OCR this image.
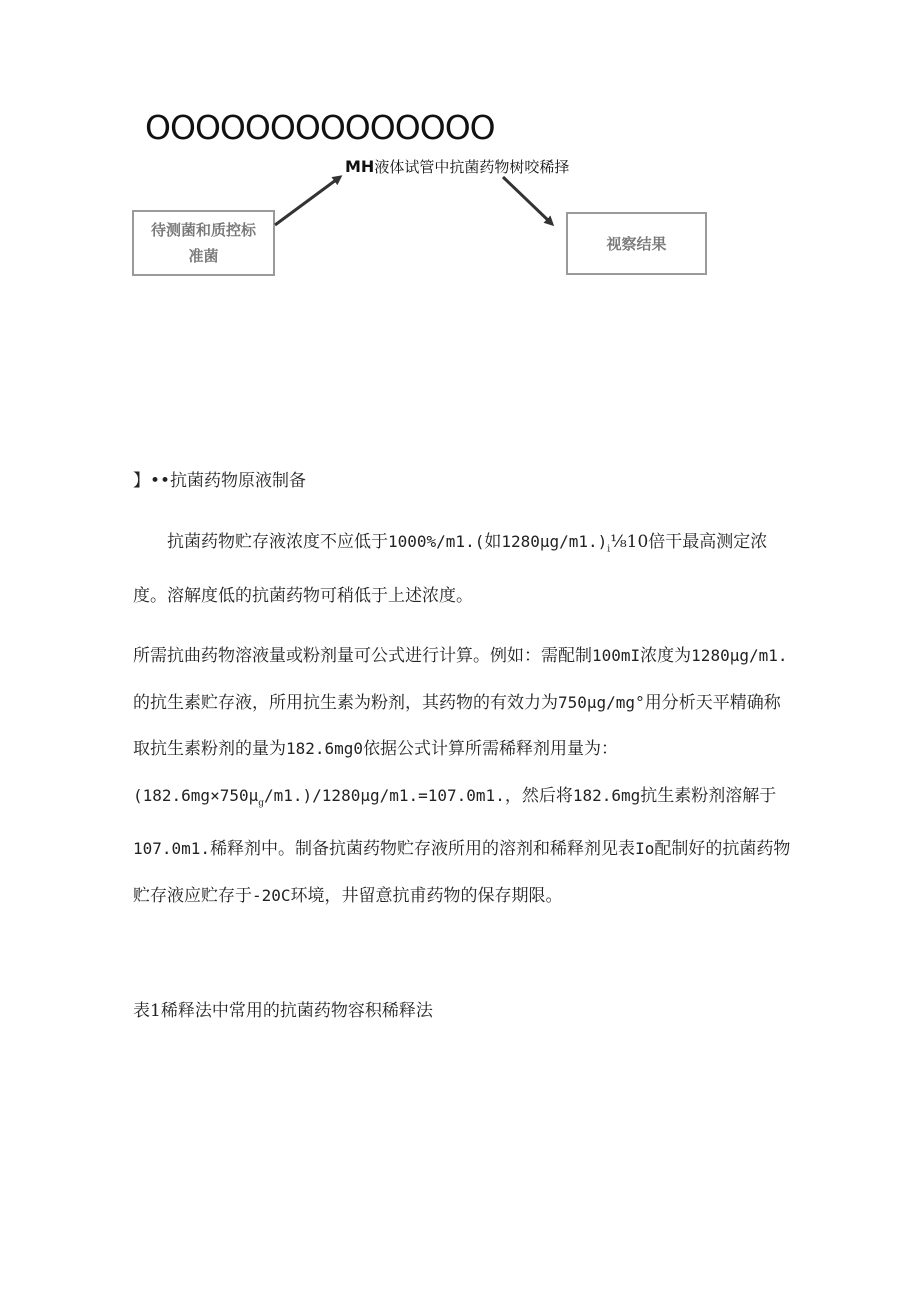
OOOOOOOOOOOOOO
MH液体试管中抗菌药物树咬稀择
待测菌和质控标
准菌
视察结果
】••抗菌药物原液制备

抗菌药物贮存液浓度不应低于1000%∕m1.(如$1280\mu g∕m1.)_i\frac{1}{8}10$倍干最高测定浓度。溶解度低的抗菌药物可稍低于上述浓度。

所需抗曲药物溶液量或粉剂量可公式进行计算。例如：需配制100mI浓度为1280μg∕m1.的抗生素贮存液，所用抗生素为粉剂，其药物的有效力为750μg∕mg°用分析天平精确称取抗生素粉剂的量为182.6mg0依据公式计算所需稀释剂用量为：$(182.6mg\times 750\mu_g∕m1.)∕1280\mu g∕m1.=107.0m1$.，然后将182.6mg抗生素粉剂溶解于107.0m1.稀释剂中。制备抗菌药物贮存液所用的溶剂和稀释剂见表Io配制好的抗菌药物贮存液应贮存于-20C环境，井留意抗甫药物的保存期限。

表1稀释法中常用的抗菌药物容积稀释法
